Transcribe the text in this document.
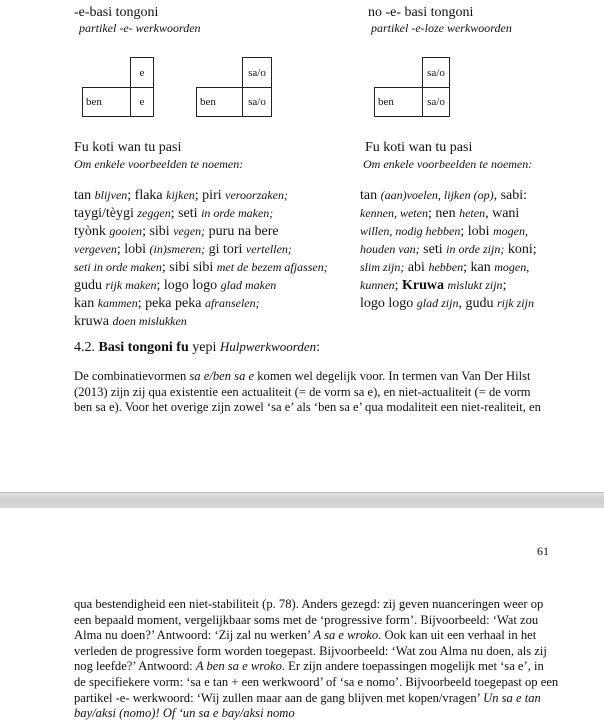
-e-basi tongoni
partikel -e- werkwoorden
e
ben	e
sa/o
ben	sa/o
Fu koti wan tu pasi
Om enkele voorbeelden te noemen:
tan blijven; flaka kijken; piri veroorzaken;
taygi/tèygi zeggen; seti in orde maken;
tyònk gooien; sibi vegen; puru na bere
vergeven; lobi (in)smeren; gi tori vertellen;
seti in orde maken; sibi sibi met de bezem afjassen;
gudu rijk maken; logo logo glad maken
kan kammen; peka peka afranselen;
kruwa doen mislukken
no -e- basi tongoni
partikel -e-loze werkwoorden
sa/o
ben	sa/o
Fu koti wan tu pasi
Om enkele voorbeelden te noemen:
tan (aan)voelen, lijken (op), sabi:
kennen, weten; nen heten, wani
willen, nodig hebben; lobi mogen,
houden van; seti in orde zijn; koni;
slim zijn; abi hebben; kan mogen,
kunnen; Kruwa mislukt zijn;
logo logo glad zijn, gudu rijk zijn
4.2. Basi tongoni fu yepi Hulpwerkwoorden:
De combinatievormen sa e/ben sa e komen wel degelijk voor. In termen van Van Der Hilst
(2013) zijn zij qua existentie een actualiteit (= de vorm sa e), en niet-actualiteit (= de vorm
ben sa e). Voor het overige zijn zowel ‘sa e’ als ‘ben sa e’ qua modaliteit een niet-realiteit, en
61
qua bestendigheid een niet-stabiliteit (p. 78). Anders gezegd: zij geven nuanceringen weer op
een bepaald moment, vergelijkbaar soms met de ‘progressive form’. Bijvoorbeeld: ‘Wat zou
Alma nu doen?’ Antwoord: ‘Zij zal nu werken’ A sa e wroko. Ook kan uit een verhaal in het
verleden de progressive form worden toegepast. Bijvoorbeeld: ‘Wat zou Alma nu doen, als zij
nog leefde?’ Antwoord: A ben sa e wroko. Er zijn andere toepassingen mogelijk met ‘sa e’, in
de specifiekere vorm: ‘sa e tan + een werkwoord’ of ‘sa e nomo’. Bijvoorbeeld toegepast op een
partikel -e- werkwoord: ‘Wij zullen maar aan de gang blijven met kopen/vragen’ Un sa e tan
bay/aksi (nomo)! Of ‘un sa e bay/aksi nomo
